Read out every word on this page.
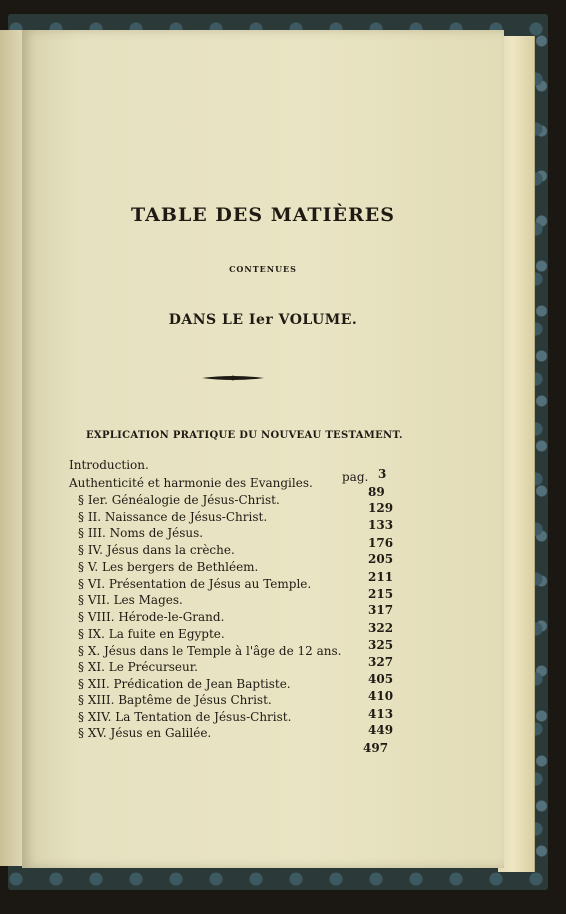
TABLE DES MATIÈRES
CONTENUES
DANS LE Ier VOLUME.
EXPLICATION PRATIQUE DU NOUVEAU TESTAMENT.
pag.
Introduction.
3
Authenticité et harmonie des Evangiles.
89
§ Ier. Généalogie de Jésus-Christ.
129
§ II. Naissance de Jésus-Christ.
133
§ III. Noms de Jésus.
176
§ IV. Jésus dans la crèche.
205
§ V. Les bergers de Bethléem.
211
§ VI. Présentation de Jésus au Temple.
215
§ VII. Les Mages.
317
§ VIII. Hérode-le-Grand.
322
§ IX. La fuite en Egypte.
325
§ X. Jésus dans le Temple à l'âge de 12 ans.
327
§ XI. Le Précurseur.
405
§ XII. Prédication de Jean Baptiste.
410
§ XIII. Baptême de Jésus Christ.
413
§ XIV. La Tentation de Jésus-Christ.
449
§ XV. Jésus en Galilée.
497
